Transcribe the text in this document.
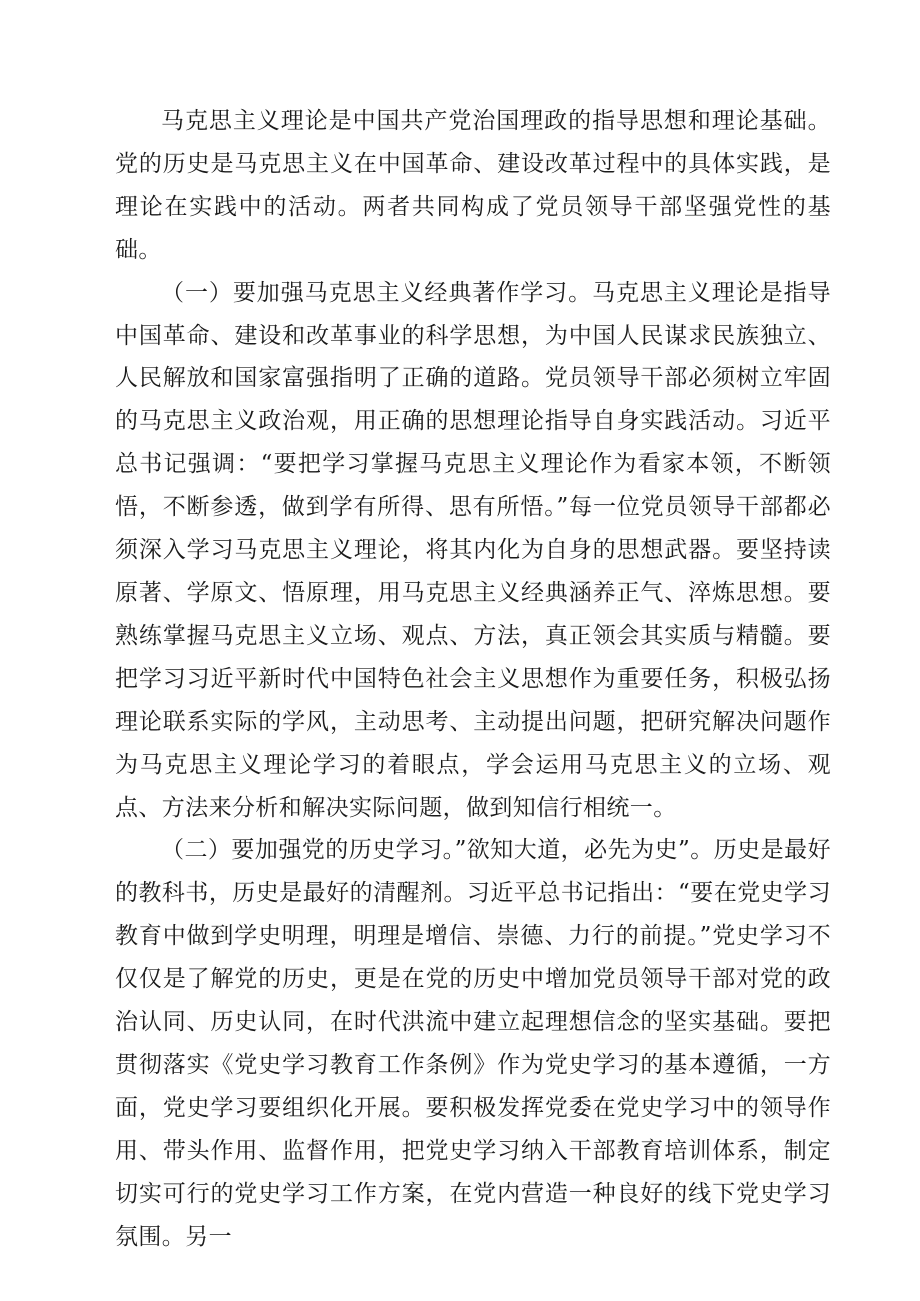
马克思主义理论是中国共产党治国理政的指导思想和理论基础。党的历史是马克思主义在中国革命、建设改革过程中的具体实践，是理论在实践中的活动。两者共同构成了党员领导干部坚强党性的基础。

（一）要加强马克思主义经典著作学习。马克思主义理论是指导中国革命、建设和改革事业的科学思想，为中国人民谋求民族独立、人民解放和国家富强指明了正确的道路。党员领导干部必须树立牢固的马克思主义政治观，用正确的思想理论指导自身实践活动。习近平总书记强调：“要把学习掌握马克思主义理论作为看家本领，不断领悟，不断参透，做到学有所得、思有所悟。”每一位党员领导干部都必须深入学习马克思主义理论，将其内化为自身的思想武器。要坚持读原著、学原文、悟原理，用马克思主义经典涵养正气、淬炼思想。要熟练掌握马克思主义立场、观点、方法，真正领会其实质与精髓。要把学习习近平新时代中国特色社会主义思想作为重要任务，积极弘扬理论联系实际的学风，主动思考、主动提出问题，把研究解决问题作为马克思主义理论学习的着眼点，学会运用马克思主义的立场、观点、方法来分析和解决实际问题，做到知信行相统一。

（二）要加强党的历史学习。”欲知大道，必先为史”。历史是最好的教科书，历史是最好的清醒剂。习近平总书记指出：“要在党史学习教育中做到学史明理，明理是增信、崇德、力行的前提。”党史学习不仅仅是了解党的历史，更是在党的历史中增加党员领导干部对党的政治认同、历史认同，在时代洪流中建立起理想信念的坚实基础。要把贯彻落实《党史学习教育工作条例》作为党史学习的基本遵循，一方面，党史学习要组织化开展。要积极发挥党委在党史学习中的领导作用、带头作用、监督作用，把党史学习纳入干部教育培训体系，制定切实可行的党史学习工作方案，在党内营造一种良好的线下党史学习氛围。另一
